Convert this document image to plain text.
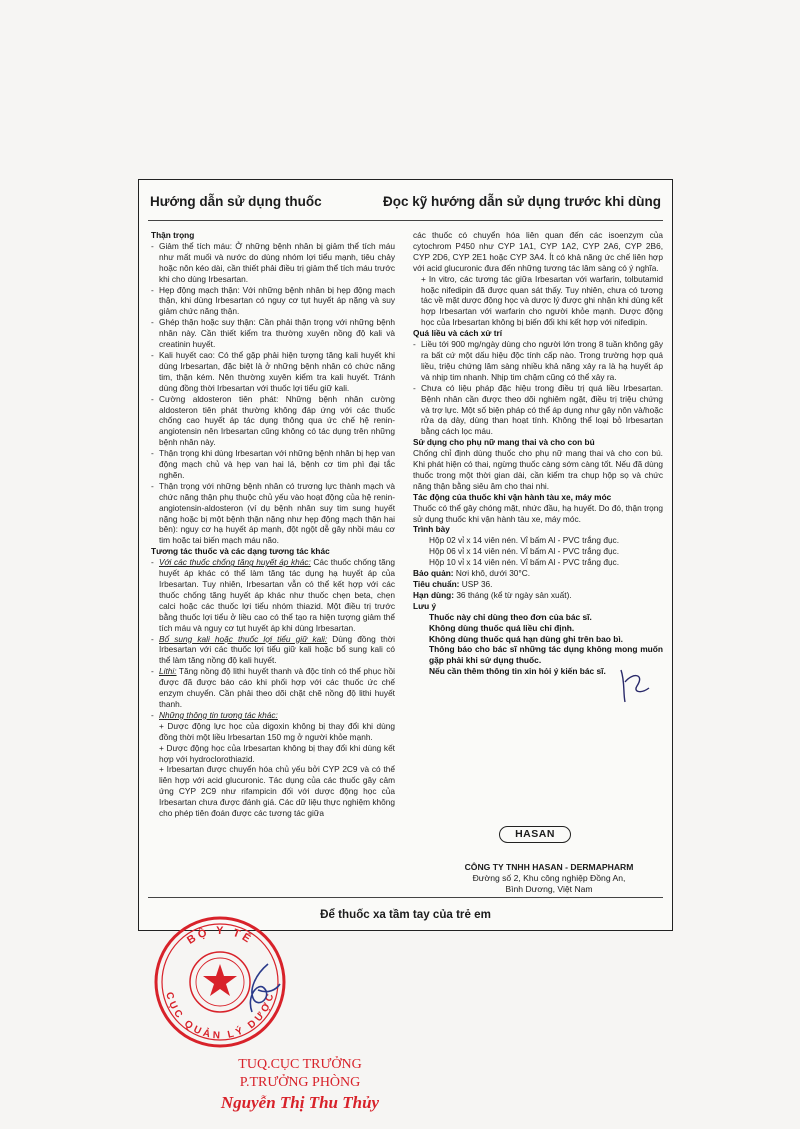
Hướng dẫn sử dụng thuốc	Đọc kỹ hướng dẫn sử dụng trước khi dùng

Thận trọng

- Giảm thể tích máu: Ở những bệnh nhân bị giảm thể tích máu như mất muối và nước do dùng nhóm lợi tiểu mạnh, tiêu chảy hoặc nôn kéo dài, cần thiết phải điều trị giảm thể tích máu trước khi cho dùng Irbesartan.

- Hẹp động mạch thận: Với những bệnh nhân bị hẹp động mạch thận, khi dùng Irbesartan có nguy cơ tụt huyết áp nặng và suy giảm chức năng thận.

- Ghép thận hoặc suy thận: Cần phải thận trọng với những bệnh nhân này. Cần thiết kiểm tra thường xuyên nồng độ kali và creatinin huyết.

- Kali huyết cao: Có thể gặp phải hiện tượng tăng kali huyết khi dùng Irbesartan, đặc biệt là ở những bệnh nhân có chức năng tim, thận kém. Nên thường xuyên kiểm tra kali huyết. Tránh dùng đồng thời Irbesartan với thuốc lợi tiểu giữ kali.

- Cường aldosteron tiên phát: Những bệnh nhân cường aldosteron tiên phát thường không đáp ứng với các thuốc chống cao huyết áp tác dụng thông qua ức chế hệ renin-angiotensin nên Irbesartan cũng không có tác dụng trên những bệnh nhân này.

- Thận trọng khi dùng Irbesartan với những bệnh nhân bị hẹp van động mạch chủ và hẹp van hai lá, bệnh cơ tim phì đại tắc nghẽn.

- Thận trọng với những bệnh nhân có trương lực thành mạch và chức năng thận phụ thuộc chủ yếu vào hoạt động của hệ renin-angiotensin-aldosteron (ví dụ bệnh nhân suy tim sung huyết nặng hoặc bị một bệnh thận nặng như hẹp động mạch thận hai bên): nguy cơ hạ huyết áp mạnh, đột ngột dễ gây nhồi máu cơ tim hoặc tai biến mạch máu não.

Tương tác thuốc và các dạng tương tác khác

- Với các thuốc chống tăng huyết áp khác: Các thuốc chống tăng huyết áp khác có thể làm tăng tác dụng hạ huyết áp của Irbesartan. Tuy nhiên, Irbesartan vẫn có thể kết hợp với các thuốc chống tăng huyết áp khác như thuốc chẹn beta, chẹn calci hoặc các thuốc lợi tiểu nhóm thiazid. Một điều trị trước bằng thuốc lợi tiểu ở liều cao có thể tạo ra hiện tượng giảm thể tích máu và nguy cơ tụt huyết áp khi dùng Irbesartan.

- Bổ sung kali hoặc thuốc lợi tiểu giữ kali: Dùng đồng thời Irbesartan với các thuốc lợi tiểu giữ kali hoặc bổ sung kali có thể làm tăng nồng độ kali huyết.

- Lithi: Tăng nồng độ lithi huyết thanh và độc tính có thể phục hồi được đã được báo cáo khi phối hợp với các thuốc ức chế enzym chuyển. Cần phải theo dõi chặt chẽ nồng độ lithi huyết thanh.

- Những thông tin tương tác khác:

+ Dược động lực học của digoxin không bị thay đổi khi dùng đồng thời một liều Irbesartan 150 mg ở người khỏe mạnh.

+ Dược động học của Irbesartan không bị thay đổi khi dùng kết hợp với hydroclorothiazid.

+ Irbesartan được chuyển hóa chủ yếu bởi CYP 2C9 và có thể liên hợp với acid glucuronic. Tác dụng của các thuốc gây cảm ứng CYP 2C9 như rifampicin đối với dược động học của Irbesartan chưa được đánh giá. Các dữ liệu thực nghiệm không cho phép tiên đoán được các tương tác giữa

các thuốc có chuyển hóa liên quan đến các isoenzym của cytochrom P450 như CYP 1A1, CYP 1A2, CYP 2A6, CYP 2B6, CYP 2D6, CYP 2E1 hoặc CYP 3A4. Ít có khả năng ức chế liên hợp với acid glucuronic đưa đến những tương tác lâm sàng có ý nghĩa.

+ In vitro, các tương tác giữa Irbesartan với warfarin, tolbutamid hoặc nifedipin đã được quan sát thấy. Tuy nhiên, chưa có tương tác về mặt dược động học và dược lý được ghi nhận khi dùng kết hợp Irbesartan với warfarin cho người khỏe mạnh. Dược động học của Irbesartan không bị biến đổi khi kết hợp với nifedipin.

Quá liều và cách xử trí

- Liều tới 900 mg/ngày dùng cho người lớn trong 8 tuần không gây ra bất cứ một dấu hiệu độc tính cấp nào. Trong trường hợp quá liều, triệu chứng lâm sàng nhiều khả năng xảy ra là hạ huyết áp và nhịp tim nhanh. Nhịp tim chậm cũng có thể xảy ra.

- Chưa có liệu pháp đặc hiệu trong điều trị quá liều Irbesartan. Bệnh nhân cần được theo dõi nghiêm ngặt, điều trị triệu chứng và trợ lực. Một số biện pháp có thể áp dụng như gây nôn và/hoặc rửa dạ dày, dùng than hoạt tính. Không thể loại bỏ Irbesartan bằng cách lọc máu.

Sử dụng cho phụ nữ mang thai và cho con bú

Chống chỉ định dùng thuốc cho phụ nữ mang thai và cho con bú. Khi phát hiện có thai, ngừng thuốc càng sớm càng tốt. Nếu đã dùng thuốc trong một thời gian dài, cần kiểm tra chụp hộp sọ và chức năng thận bằng siêu âm cho thai nhi.

Tác động của thuốc khi vận hành tàu xe, máy móc

Thuốc có thể gây chóng mặt, nhức đầu, hạ huyết. Do đó, thận trọng sử dụng thuốc khi vận hành tàu xe, máy móc.

Trình bày

Hộp 02 vỉ x 14 viên nén. Vỉ bấm Al - PVC trắng đục.

Hộp 06 vỉ x 14 viên nén. Vỉ bấm Al - PVC trắng đục.

Hộp 10 vỉ x 14 viên nén. Vỉ bấm Al - PVC trắng đục.

Bảo quản: Nơi khô, dưới 30°C.

Tiêu chuẩn: USP 36.

Hạn dùng: 36 tháng (kể từ ngày sản xuất).

Lưu ý

Thuốc này chỉ dùng theo đơn của bác sĩ.

Không dùng thuốc quá liều chỉ định.

Không dùng thuốc quá hạn dùng ghi trên bao bì.

Thông báo cho bác sĩ những tác dụng không mong muốn gặp phải khi sử dụng thuốc.

Nếu cần thêm thông tin xin hỏi ý kiến bác sĩ.

HASAN
CÔNG TY TNHH HASAN - DERMAPHARM
Đường số 2, Khu công nghiệp Đồng An,
Bình Dương, Việt Nam
Để thuốc xa tầm tay của trẻ em
BỘ Y TẾ
CỤC QUẢN LÝ DƯỢC
TUQ.CỤC TRƯỞNG
P.TRƯỞNG PHÒNG
Nguyễn Thị Thu Thủy
